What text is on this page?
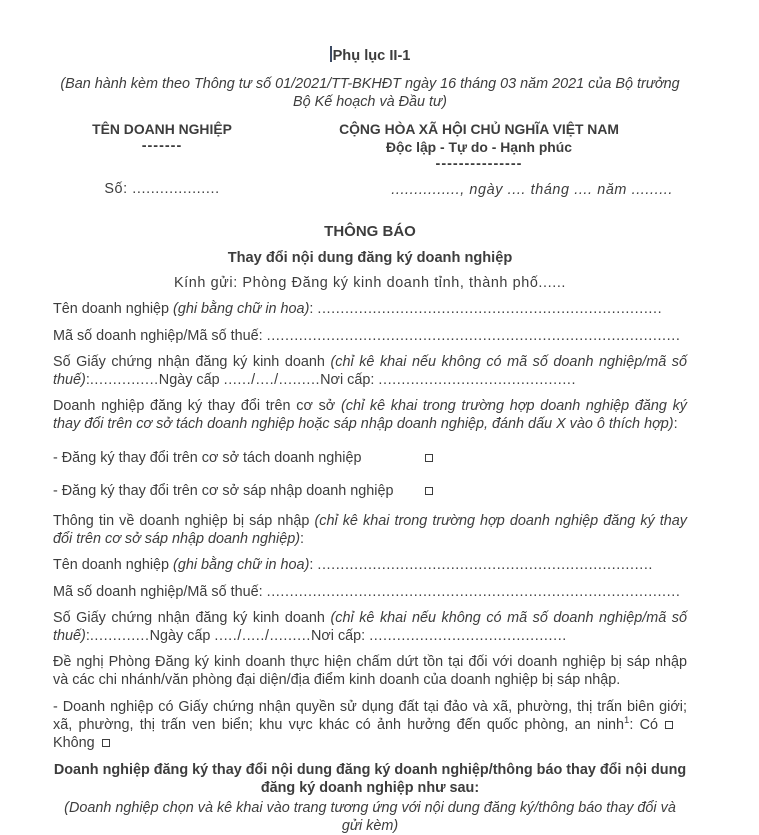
Phụ lục II-1
(Ban hành kèm theo Thông tư số 01/2021/TT-BKHĐT ngày 16 tháng 03 năm 2021 của Bộ trưởng Bộ Kế hoạch và Đầu tư)
TÊN DOANH NGHIỆP
-------
Số: ...................
CỘNG HÒA XÃ HỘI CHỦ NGHĨA VIỆT NAM
Độc lập - Tự do - Hạnh phúc
---------------
..............., ngày .... tháng .... năm .........
THÔNG BÁO
Thay đổi nội dung đăng ký doanh nghiệp
Kính gửi: Phòng Đăng ký kinh doanh tỉnh, thành phố......
Tên doanh nghiệp (ghi bằng chữ in hoa): ...........................................................................
Mã số doanh nghiệp/Mã số thuế: ..........................................................................................
Số Giấy chứng nhận đăng ký kinh doanh (chỉ kê khai nếu không có mã số doanh nghiệp/mã số thuế):...............Ngày cấp ....../..../.........Nơi cấp: ...........................................
Doanh nghiệp đăng ký thay đổi trên cơ sở (chỉ kê khai trong trường hợp doanh nghiệp đăng ký thay đổi trên cơ sở tách doanh nghiệp hoặc sáp nhập doanh nghiệp, đánh dấu X vào ô thích hợp):
- Đăng ký thay đổi trên cơ sở tách doanh nghiệp
- Đăng ký thay đổi trên cơ sở sáp nhập doanh nghiệp
Thông tin về doanh nghiệp bị sáp nhập (chỉ kê khai trong trường hợp doanh nghiệp đăng ký thay đổi trên cơ sở sáp nhập doanh nghiệp):
Tên doanh nghiệp (ghi bằng chữ in hoa): .........................................................................
Mã số doanh nghiệp/Mã số thuế: ..........................................................................................
Số Giấy chứng nhận đăng ký kinh doanh (chỉ kê khai nếu không có mã số doanh nghiệp/mã số thuế):.............Ngày cấp ...../...../.........Nơi cấp: ...........................................
Đề nghị Phòng Đăng ký kinh doanh thực hiện chấm dứt tồn tại đối với doanh nghiệp bị sáp nhập và các chi nhánh/văn phòng đại diện/địa điểm kinh doanh của doanh nghiệp bị sáp nhập.
- Doanh nghiệp có Giấy chứng nhận quyền sử dụng đất tại đảo và xã, phường, thị trấn biên giới; xã, phường, thị trấn ven biển; khu vực khác có ảnh hưởng đến quốc phòng, an ninh$^1$: CóKhông
Doanh nghiệp đăng ký thay đổi nội dung đăng ký doanh nghiệp/thông báo thay đổi nội dung đăng ký doanh nghiệp như sau:
(Doanh nghiệp chọn và kê khai vào trang tương ứng với nội dung đăng ký/thông báo thay đổi và gửi kèm)
